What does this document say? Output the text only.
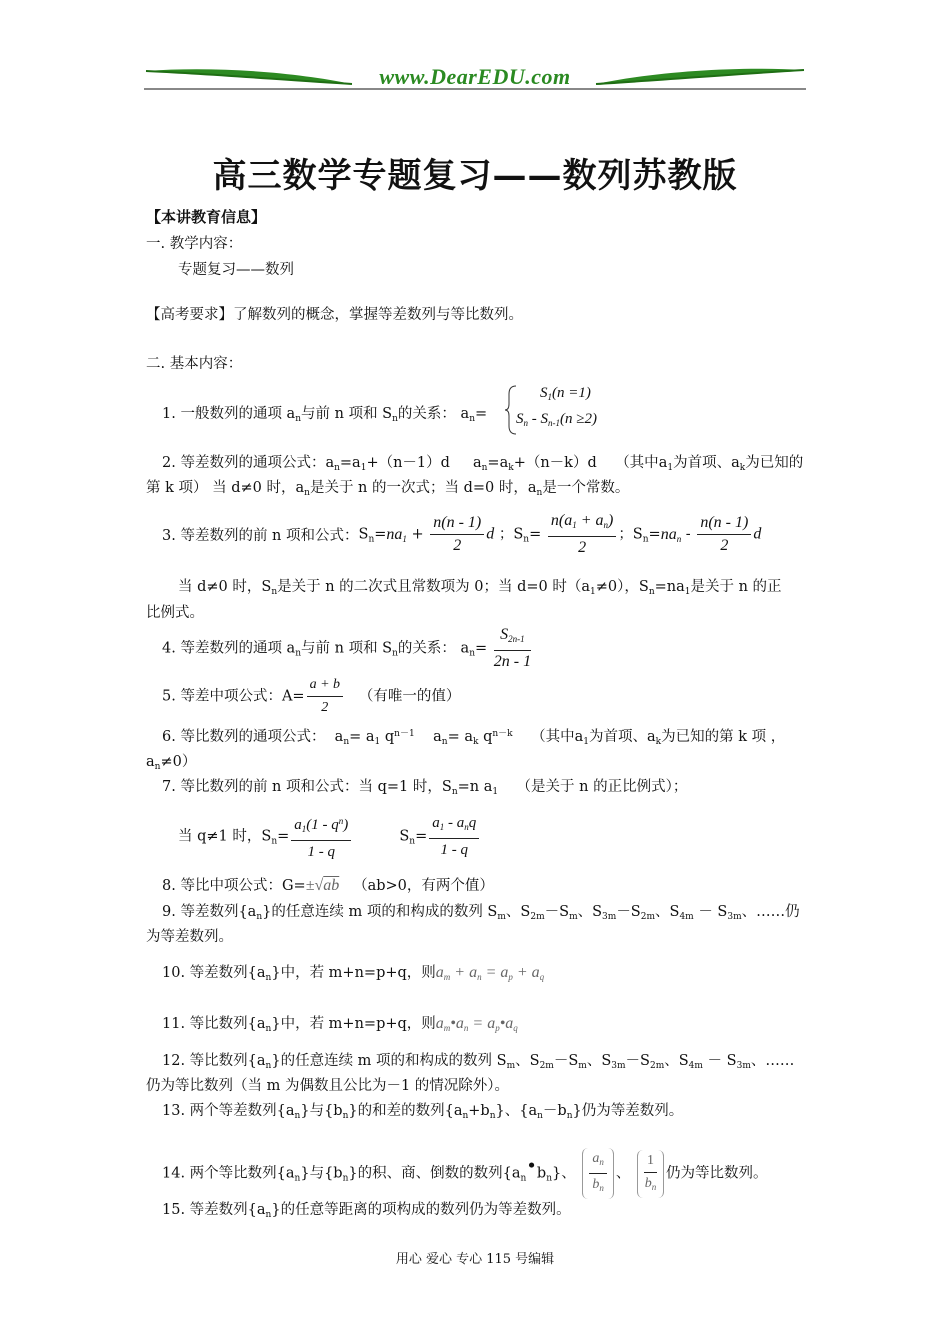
www.DearEDU.com
高三数学专题复习——数列苏教版
【本讲教育信息】
一. 教学内容：
专题复习——数列
【高考要求】了解数列的概念，掌握等差数列与等比数列。
二. 基本内容：
1. 一般数列的通项 $a_n$与前 n 项和 $S_n$的关系： $a_n=$
$S_1(n =1)$
$S_n - S_{n-1}(n \ge 2)$
2. 等差数列的通项公式：$a_n=a_1+(n-1)d$     $a_n=a_k+(n-k)d$    （其中$a_1$为首项、$a_k$为已知的
第 k 项） 当 d≠0 时，$a_n$是关于 n 的一次式；当 d=0 时，$a_n$是一个常数。
3. 等差数列的前 n 项和公式：$S_n=na_1 + \frac{n(n - 1)}{2}$ d ；$S_n= \frac{n(a_1 + a_n)}{2}$ ；$S_n=na_n - \frac{n(n - 1)}{2}$ d
当 d≠0 时，$S_n$是关于 n 的二次式且常数项为 0；当 d=0 时$(a_1\ne 0)$，$S_n=na_1$是关于 n 的正
比例式。
4. 等差数列的通项 $a_n$与前 n 项和 $S_n$的关系： $a_n= \frac{S_{2n-1}}{2n - 1}$
5. 等差中项公式：$A= \frac{a + b}{2}$ （有唯一的值）
6. 等比数列的通项公式：  $a_n= a_1$ $q^{n-1}$    $a_n= a_k$ $q^{n-k}$ （其中$a_1$为首项、$a_k$为已知的第 k 项 ，
$a_n\ne 0$）
7. 等比数列的前 n 项和公式：当 q=1 时，$S_n=n$ $a_1$ （是关于 n 的正比例式）；
当 q≠1 时，$S_n= \frac{a_1(1 - q^n)}{1 - q} S_n= \frac{a_1 - a_nq}{1 - q}$
8. 等比中项公式：G=±√ab （ab>0，有两个值）
9. 等差数列$\{a_n\}$的任意连续 m 项的和构成的数列 $S_m$、$S_{2m}-S_m$、$S_{3m}-S_{2m}$、$S_{4m} - S_{3m}$、……仍
为等差数列。
10. 等差数列$\{a_n\}$中，若 m+n=p+q，则$a_m + a_n = a_p + a_q$
11. 等比数列$\{a_n\}$中，若 m+n=p+q，则$a_m•a_n$ = $a_p•a_q$
12. 等比数列$\{a_n\}$的任意连续 m 项的和构成的数列 $S_m$、$S_{2m}-S_m$、$S_{3m}-S_{2m}$、$S_{4m} - S_{3m}$、……
仍为等比数列（当 m 为偶数且公比为－1 的情况除外）。
13. 两个等差数列$\{a_n\}$与$\{b_n\}$的和差的数列$\{a_n+b_n\}$、$\{a_n-b_n\}$仍为等差数列。
14. 两个等比数列$\{a_n\}$与$\{b_n\}$的积、商、倒数的数列$\{a_n•b_n\}$、 $\frac{a_n}{b_n}$ 、 $\frac{1}{b_n}$ 仍为等比数列。
15. 等差数列$\{a_n\}$的任意等距离的项构成的数列仍为等差数列。
用心 爱心 专心 115 号编辑
